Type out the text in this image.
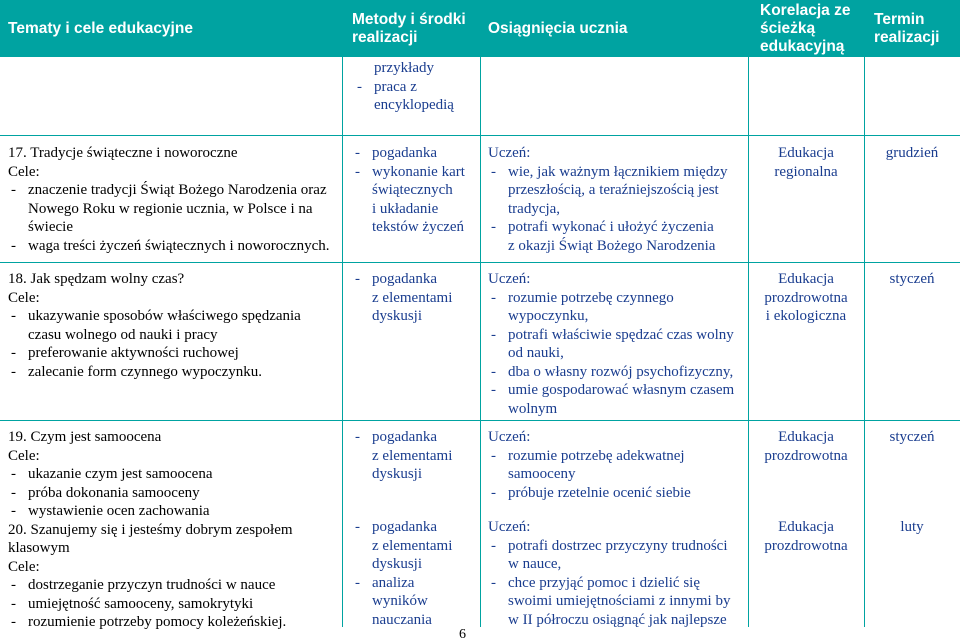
Tematy i cele edukacyjne
Metody i środki
realizacji
Osiągnięcia ucznia
Korelacja ze
ścieżką
edukacyjną
Termin
realizacji
przykłady
- praca z
encyklopedią
17. Tradycje świąteczne i noworoczne
Cele:
- znaczenie tradycji Świąt Bożego Narodzenia oraz
Nowego Roku w regionie ucznia, w Polsce i na
świecie
- waga treści życzeń świątecznych i noworocznych.
- pogadanka
- wykonanie kart
świątecznych
i układanie
tekstów życzeń
Uczeń:
- wie, jak ważnym łącznikiem między
przeszłością, a teraźniejszością jest
tradycja,
- potrafi wykonać i ułożyć życzenia
z okazji Świąt Bożego Narodzenia
Edukacja
regionalna
grudzień
18. Jak spędzam wolny czas?
Cele:
- ukazywanie sposobów właściwego spędzania
czasu wolnego od nauki i pracy
- preferowanie aktywności ruchowej
- zalecanie form czynnego wypoczynku.
- pogadanka
z elementami
dyskusji
Uczeń:
- rozumie potrzebę czynnego
wypoczynku,
- potrafi właściwie spędzać czas wolny
od nauki,
- dba o własny rozwój psychofizyczny,
- umie gospodarować własnym czasem
wolnym
Edukacja
prozdrowotna
i ekologiczna
styczeń
19. Czym jest samoocena
Cele:
- ukazanie czym jest samoocena
- próba dokonania samooceny
- wystawienie ocen zachowania
20. Szanujemy się i jesteśmy dobrym zespołem
klasowym
Cele:
- dostrzeganie przyczyn trudności w nauce
- umiejętność samooceny, samokrytyki
- rozumienie potrzeby pomocy koleżeńskiej.
- pogadanka
z elementami
dyskusji
Uczeń:
- rozumie potrzebę adekwatnej
samooceny
- próbuje rzetelnie ocenić siebie
Edukacja
prozdrowotna
styczeń
- pogadanka
z elementami
dyskusji
- analiza
wyników
nauczania
Uczeń:
- potrafi dostrzec przyczyny trudności
w nauce,
- chce przyjąć pomoc i dzielić się
swoimi umiejętnościami z innymi by
w II półroczu osiągnąć jak najlepsze
Edukacja
prozdrowotna
luty
6
